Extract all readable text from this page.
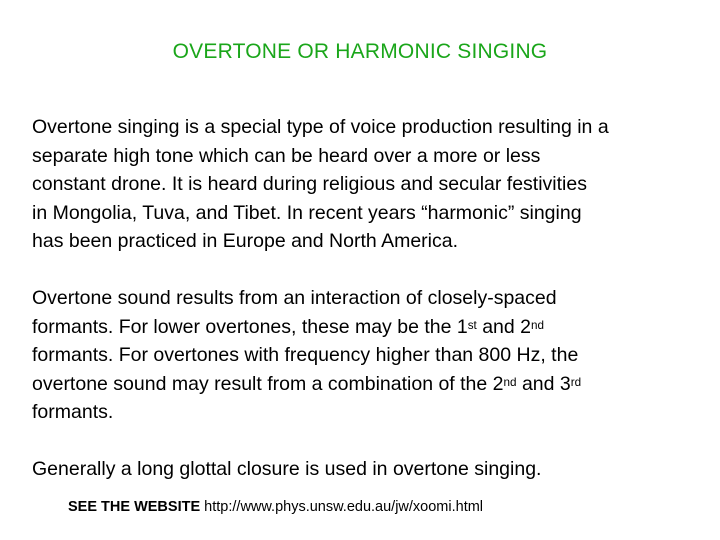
OVERTONE OR HARMONIC SINGING

Overtone singing is a special type of voice production resulting in a
separate high tone which can be heard over a more or less
constant drone. It is heard during religious and secular festivities
in Mongolia, Tuva, and Tibet. In recent years “harmonic” singing
has been practiced in Europe and North America.

Overtone sound results from an interaction of closely-spaced
formants. For lower overtones, these may be the 1st and 2nd
formants. For overtones with frequency higher than 800 Hz, the
overtone sound may result from a combination of the 2nd and 3rd
formants.

Generally a long glottal closure is used in overtone singing.

SEE THE WEBSITE http://www.phys.unsw.edu.au/jw/xoomi.html
